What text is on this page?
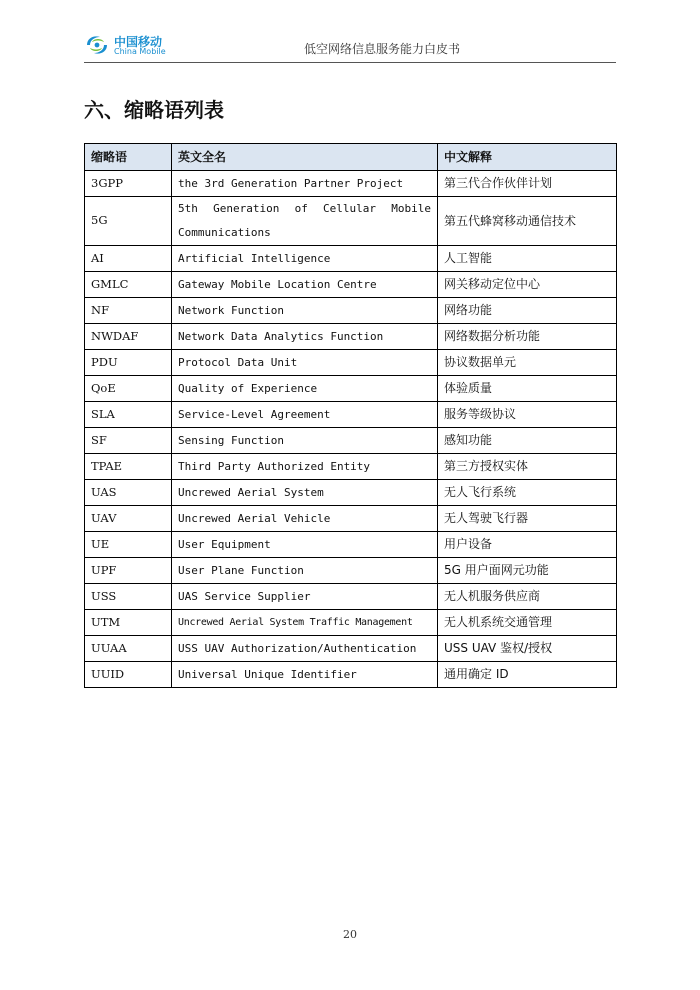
中国移动
China Mobile	低空网络信息服务能力白皮书
六、缩略语列表
缩略语	英文全名	中文解释
3GPP	the 3rd Generation Partner Project	第三代合作伙伴计划
5G	5th Generation of Cellular Mobile Communications	第五代蜂窝移动通信技术
AI	Artificial Intelligence	人工智能
GMLC	Gateway Mobile Location Centre	网关移动定位中心
NF	Network Function	网络功能
NWDAF	Network Data Analytics Function	网络数据分析功能
PDU	Protocol Data Unit	协议数据单元
QoE	Quality of Experience	体验质量
SLA	Service-Level Agreement	服务等级协议
SF	Sensing Function	感知功能
TPAE	Third Party Authorized Entity	第三方授权实体
UAS	Uncrewed Aerial System	无人飞行系统
UAV	Uncrewed Aerial Vehicle	无人驾驶飞行器
UE	User Equipment	用户设备
UPF	User Plane Function	5G 用户面网元功能
USS	UAS Service Supplier	无人机服务供应商
UTM	Uncrewed Aerial System Traffic Management	无人机系统交通管理
UUAA	USS UAV Authorization/Authentication	USS UAV 鉴权/授权
UUID	Universal Unique Identifier	通用确定 ID
20
